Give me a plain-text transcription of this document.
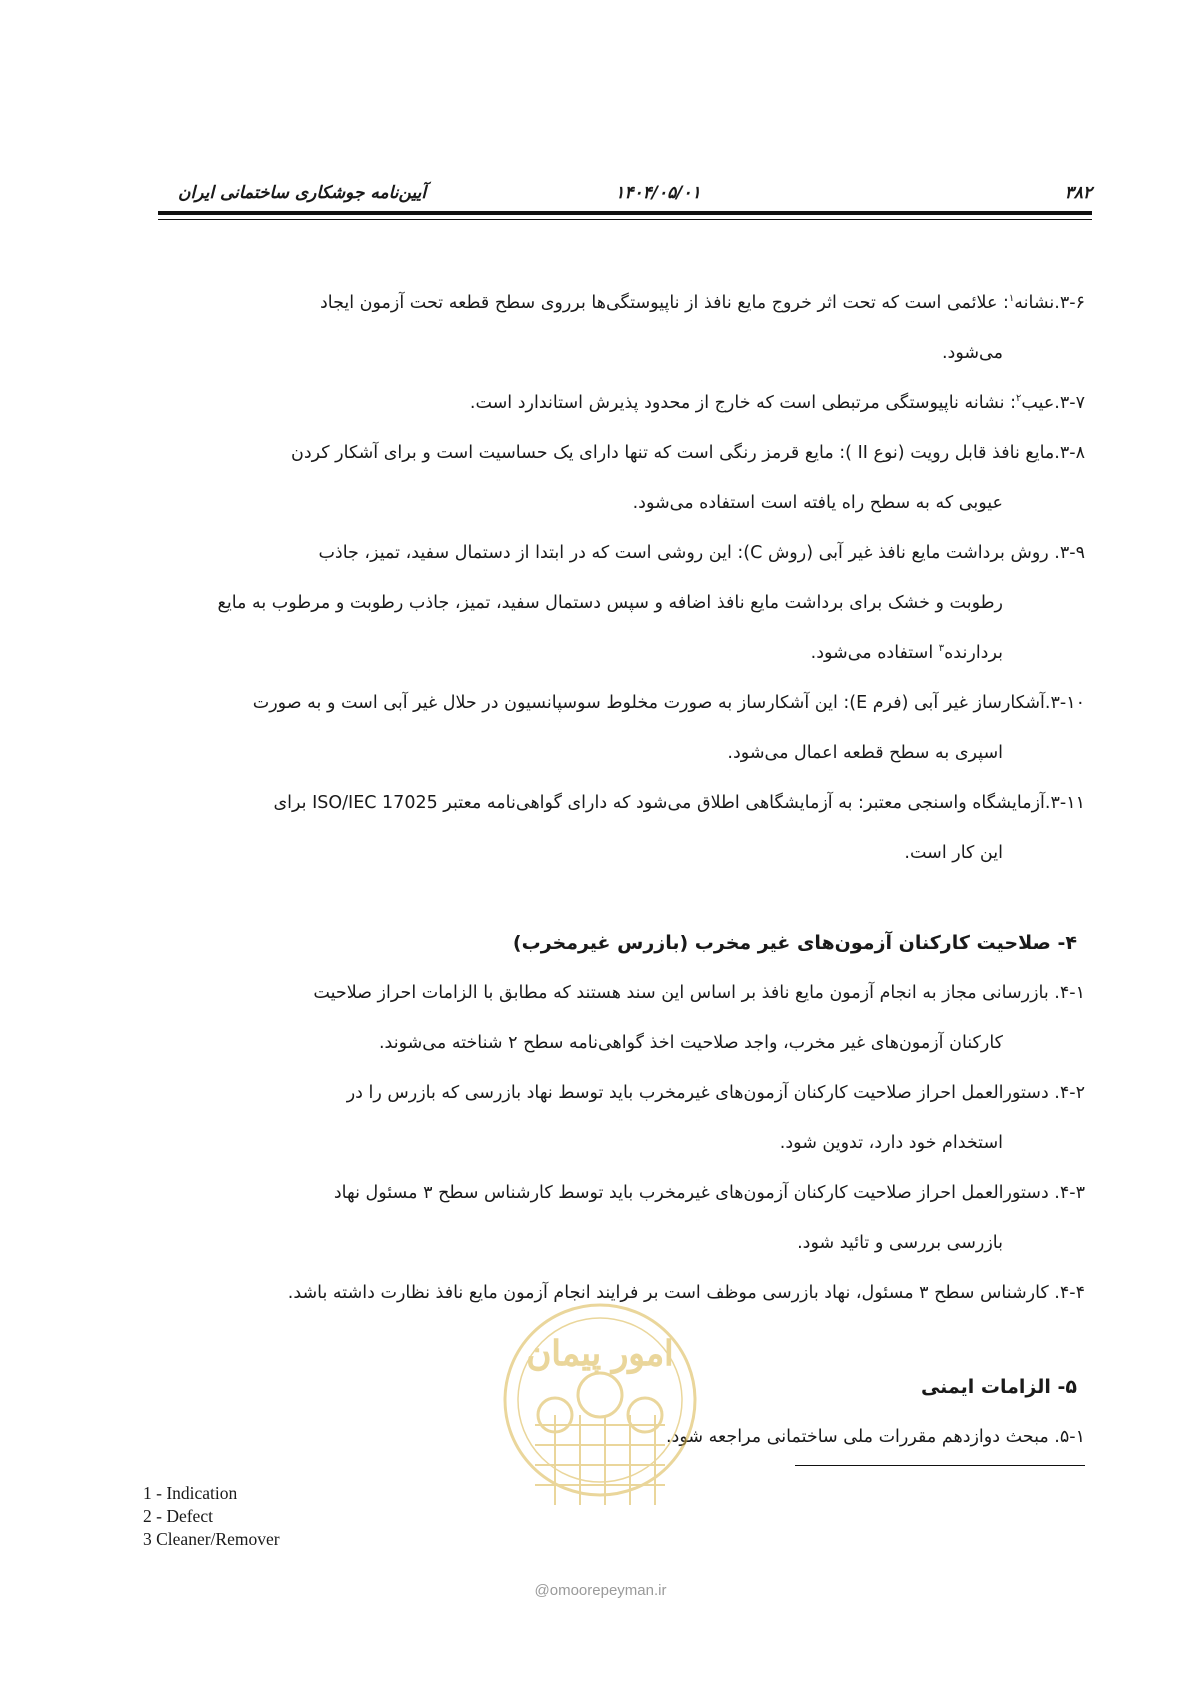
۳۸۲
۱۴۰۴/۰۵/۰۱
آیین‌نامه جوشکاری ساختمانی ایران

۳-۶.نشانه$^۱$: علائمی است که تحت اثر خروج مایع نافذ از ناپیوستگی‌ها برروی سطح قطعه تحت آزمون ایجاد
می‌شود.

۳-۷.عیب$^۲$: نشانه ناپیوستگی مرتبطی است که خارج از محدود پذیرش استاندارد است.

۳-۸.مایع نافذ قابل رویت (نوع II ): مایع قرمز رنگی است که تنها دارای یک حساسیت است و برای آشکار کردن
عیوبی که به سطح راه یافته است استفاده می‌شود.

۳-۹. روش برداشت مایع نافذ غیر آبی (روش C): این روشی است که در ابتدا از دستمال سفید، تمیز، جاذب
رطوبت و خشک برای برداشت مایع نافذ اضافه و سپس دستمال سفید، تمیز، جاذب رطوبت و مرطوب به مایع
بردارنده$^۳$ استفاده می‌شود.

۳-۱۰.آشکارساز غیر آبی (فرم E): این آشکارساز به صورت مخلوط سوسپانسیون در حلال غیر آبی است و به صورت
اسپری به سطح قطعه اعمال می‌شود.

۳-۱۱.آزمایشگاه واسنجی معتبر: به آزمایشگاهی اطلاق می‌شود که دارای گواهی‌نامه معتبر ISO/IEC 17025 برای
این کار است.

۴- صلاحیت کارکنان آزمون‌های غیر مخرب (بازرس غیرمخرب)

۴-۱. بازرسانی مجاز به انجام آزمون مایع نافذ بر اساس این سند هستند که مطابق با الزامات احراز صلاحیت
کارکنان آزمون‌های غیر مخرب، واجد صلاحیت اخذ گواهی‌نامه سطح ۲ شناخته می‌شوند.

۴-۲. دستورالعمل احراز صلاحیت کارکنان آزمون‌های غیرمخرب باید توسط نهاد بازرسی که بازرس را در
استخدام خود دارد، تدوین شود.

۴-۳. دستورالعمل احراز صلاحیت کارکنان آزمون‌های غیرمخرب باید توسط کارشناس سطح ۳ مسئول نهاد
بازرسی بررسی و تائید شود.

۴-۴. کارشناس سطح ۳ مسئول، نهاد بازرسی موظف است بر فرایند انجام آزمون مایع نافذ نظارت داشته باشد.

۵- الزامات ایمنی

۵-۱. مبحث دوازدهم مقررات ملی ساختمانی مراجعه شود.

امور پیمان
@omoorepeyman.ir
1 - Indication
2 - Defect
3 Cleaner/Remover
